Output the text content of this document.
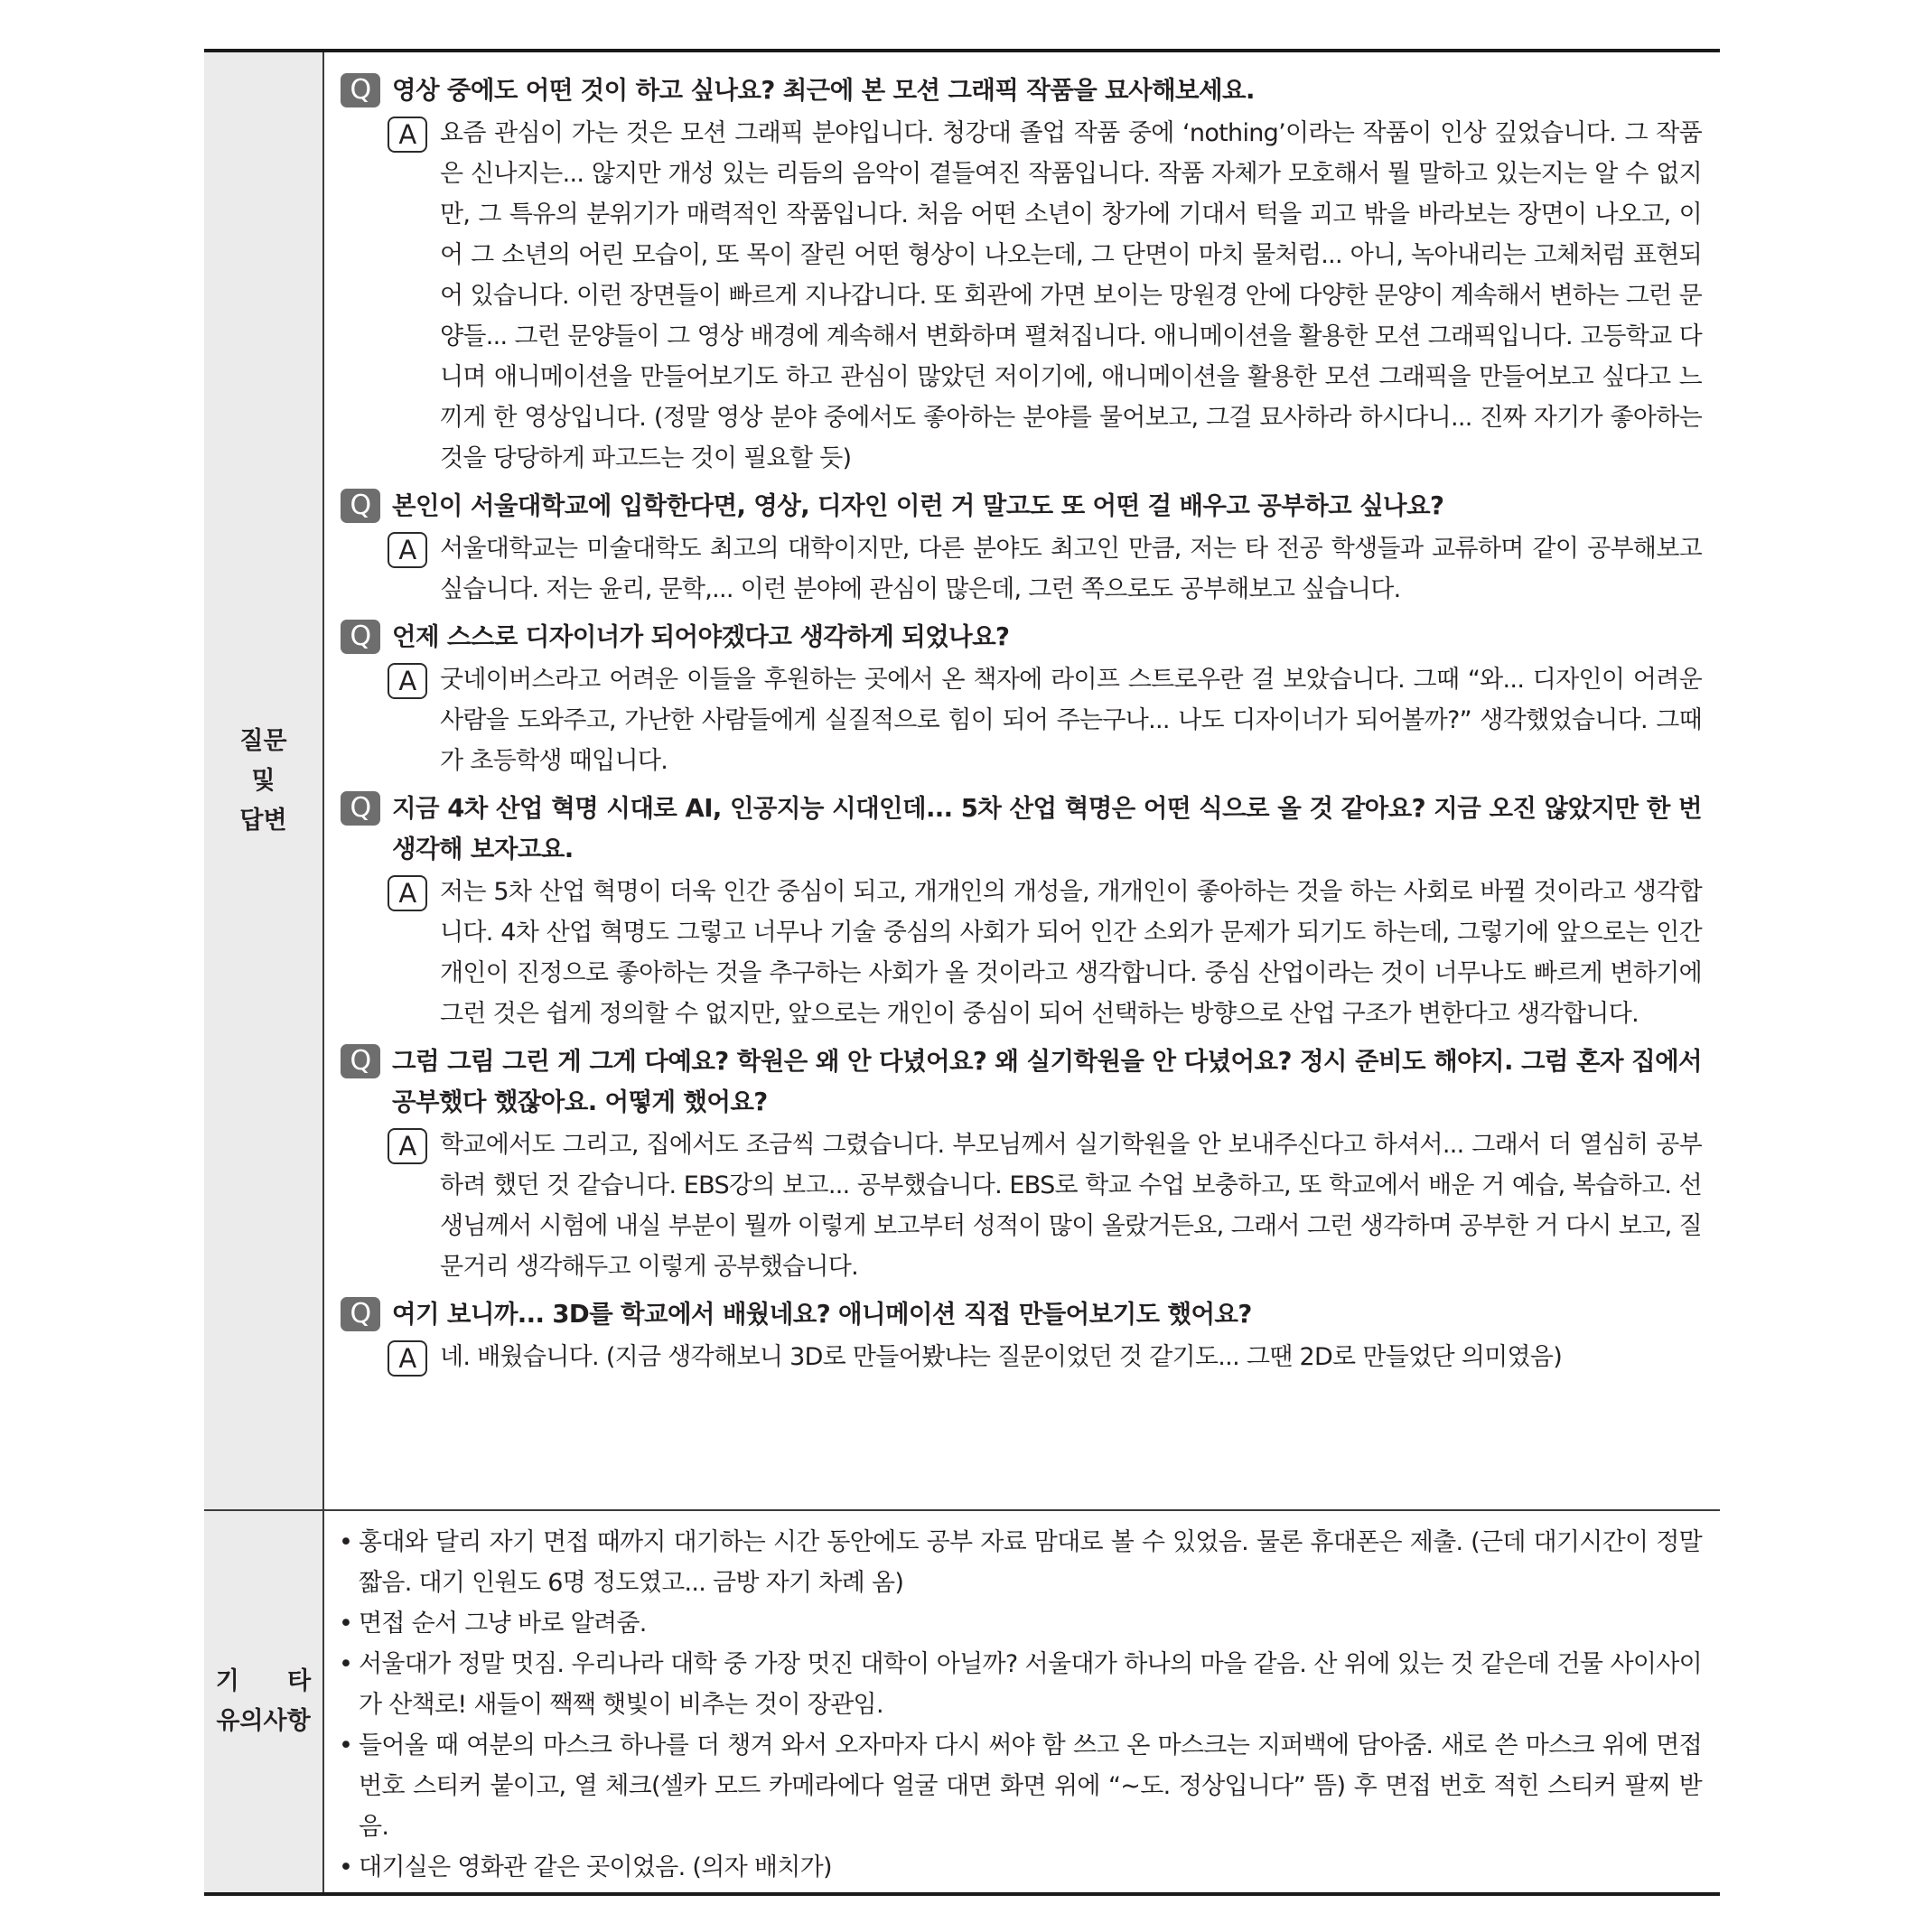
질문
및
답변
Q 영상 중에도 어떤 것이 하고 싶나요? 최근에 본 모션 그래픽 작품을 묘사해보세요.
A 요즘 관심이 가는 것은 모션 그래픽 분야입니다. 청강대 졸업 작품 중에 ‘nothing’이라는 작품이 인상 깊었습니다. 그 작품은 신나지는... 않지만 개성 있는 리듬의 음악이 곁들여진 작품입니다. 작품 자체가 모호해서 뭘 말하고 있는지는 알 수 없지만, 그 특유의 분위기가 매력적인 작품입니다. 처음 어떤 소년이 창가에 기대서 턱을 괴고 밖을 바라보는 장면이 나오고, 이어 그 소년의 어린 모습이, 또 목이 잘린 어떤 형상이 나오는데, 그 단면이 마치 물처럼... 아니, 녹아내리는 고체처럼 표현되어 있습니다. 이런 장면들이 빠르게 지나갑니다. 또 회관에 가면 보이는 망원경 안에 다양한 문양이 계속해서 변하는 그런 문양들... 그런 문양들이 그 영상 배경에 계속해서 변화하며 펼쳐집니다. 애니메이션을 활용한 모션 그래픽입니다. 고등학교 다니며 애니메이션을 만들어보기도 하고 관심이 많았던 저이기에, 애니메이션을 활용한 모션 그래픽을 만들어보고 싶다고 느끼게 한 영상입니다. (정말 영상 분야 중에서도 좋아하는 분야를 물어보고, 그걸 묘사하라 하시다니... 진짜 자기가 좋아하는 것을 당당하게 파고드는 것이 필요할 듯)
Q 본인이 서울대학교에 입학한다면, 영상, 디자인 이런 거 말고도 또 어떤 걸 배우고 공부하고 싶나요?
A 서울대학교는 미술대학도 최고의 대학이지만, 다른 분야도 최고인 만큼, 저는 타 전공 학생들과 교류하며 같이 공부해보고 싶습니다. 저는 윤리, 문학,... 이런 분야에 관심이 많은데, 그런 쪽으로도 공부해보고 싶습니다.
Q 언제 스스로 디자이너가 되어야겠다고 생각하게 되었나요?
A 굿네이버스라고 어려운 이들을 후원하는 곳에서 온 책자에 라이프 스트로우란 걸 보았습니다. 그때 “와... 디자인이 어려운 사람을 도와주고, 가난한 사람들에게 실질적으로 힘이 되어 주는구나... 나도 디자이너가 되어볼까?” 생각했었습니다. 그때가 초등학생 때입니다.
Q 지금 4차 산업 혁명 시대로 AI, 인공지능 시대인데... 5차 산업 혁명은 어떤 식으로 올 것 같아요? 지금 오진 않았지만 한 번 생각해 보자고요.
A 저는 5차 산업 혁명이 더욱 인간 중심이 되고, 개개인의 개성을, 개개인이 좋아하는 것을 하는 사회로 바뀔 것이라고 생각합니다. 4차 산업 혁명도 그렇고 너무나 기술 중심의 사회가 되어 인간 소외가 문제가 되기도 하는데, 그렇기에 앞으로는 인간 개인이 진정으로 좋아하는 것을 추구하는 사회가 올 것이라고 생각합니다. 중심 산업이라는 것이 너무나도 빠르게 변하기에 그런 것은 쉽게 정의할 수 없지만, 앞으로는 개인이 중심이 되어 선택하는 방향으로 산업 구조가 변한다고 생각합니다.
Q 그럼 그림 그린 게 그게 다예요? 학원은 왜 안 다녔어요? 왜 실기학원을 안 다녔어요? 정시 준비도 해야지. 그럼 혼자 집에서 공부했다 했잖아요. 어떻게 했어요?
A 학교에서도 그리고, 집에서도 조금씩 그렸습니다. 부모님께서 실기학원을 안 보내주신다고 하셔서... 그래서 더 열심히 공부하려 했던 것 같습니다. EBS강의 보고... 공부했습니다. EBS로 학교 수업 보충하고, 또 학교에서 배운 거 예습, 복습하고. 선생님께서 시험에 내실 부분이 뭘까 이렇게 보고부터 성적이 많이 올랐거든요, 그래서 그런 생각하며 공부한 거 다시 보고, 질문거리 생각해두고 이렇게 공부했습니다.
Q 여기 보니까... 3D를 학교에서 배웠네요? 애니메이션 직접 만들어보기도 했어요?
A 네. 배웠습니다. (지금 생각해보니 3D로 만들어봤냐는 질문이었던 것 같기도... 그땐 2D로 만들었단 의미였음)
기 타
유의사항
• 홍대와 달리 자기 면접 때까지 대기하는 시간 동안에도 공부 자료 맘대로 볼 수 있었음. 물론 휴대폰은 제출. (근데 대기시간이 정말 짧음. 대기 인원도 6명 정도였고... 금방 자기 차례 옴)
• 면접 순서 그냥 바로 알려줌.
• 서울대가 정말 멋짐. 우리나라 대학 중 가장 멋진 대학이 아닐까? 서울대가 하나의 마을 같음. 산 위에 있는 것 같은데 건물 사이사이가 산책로! 새들이 짹짹 햇빛이 비추는 것이 장관임.
• 들어올 때 여분의 마스크 하나를 더 챙겨 와서 오자마자 다시 써야 함 쓰고 온 마스크는 지퍼백에 담아줌. 새로 쓴 마스크 위에 면접 번호 스티커 붙이고, 열 체크(셀카 모드 카메라에다 얼굴 대면 화면 위에 “~도. 정상입니다” 뜸) 후 면접 번호 적힌 스티커 팔찌 받음.
• 대기실은 영화관 같은 곳이었음. (의자 배치가)
